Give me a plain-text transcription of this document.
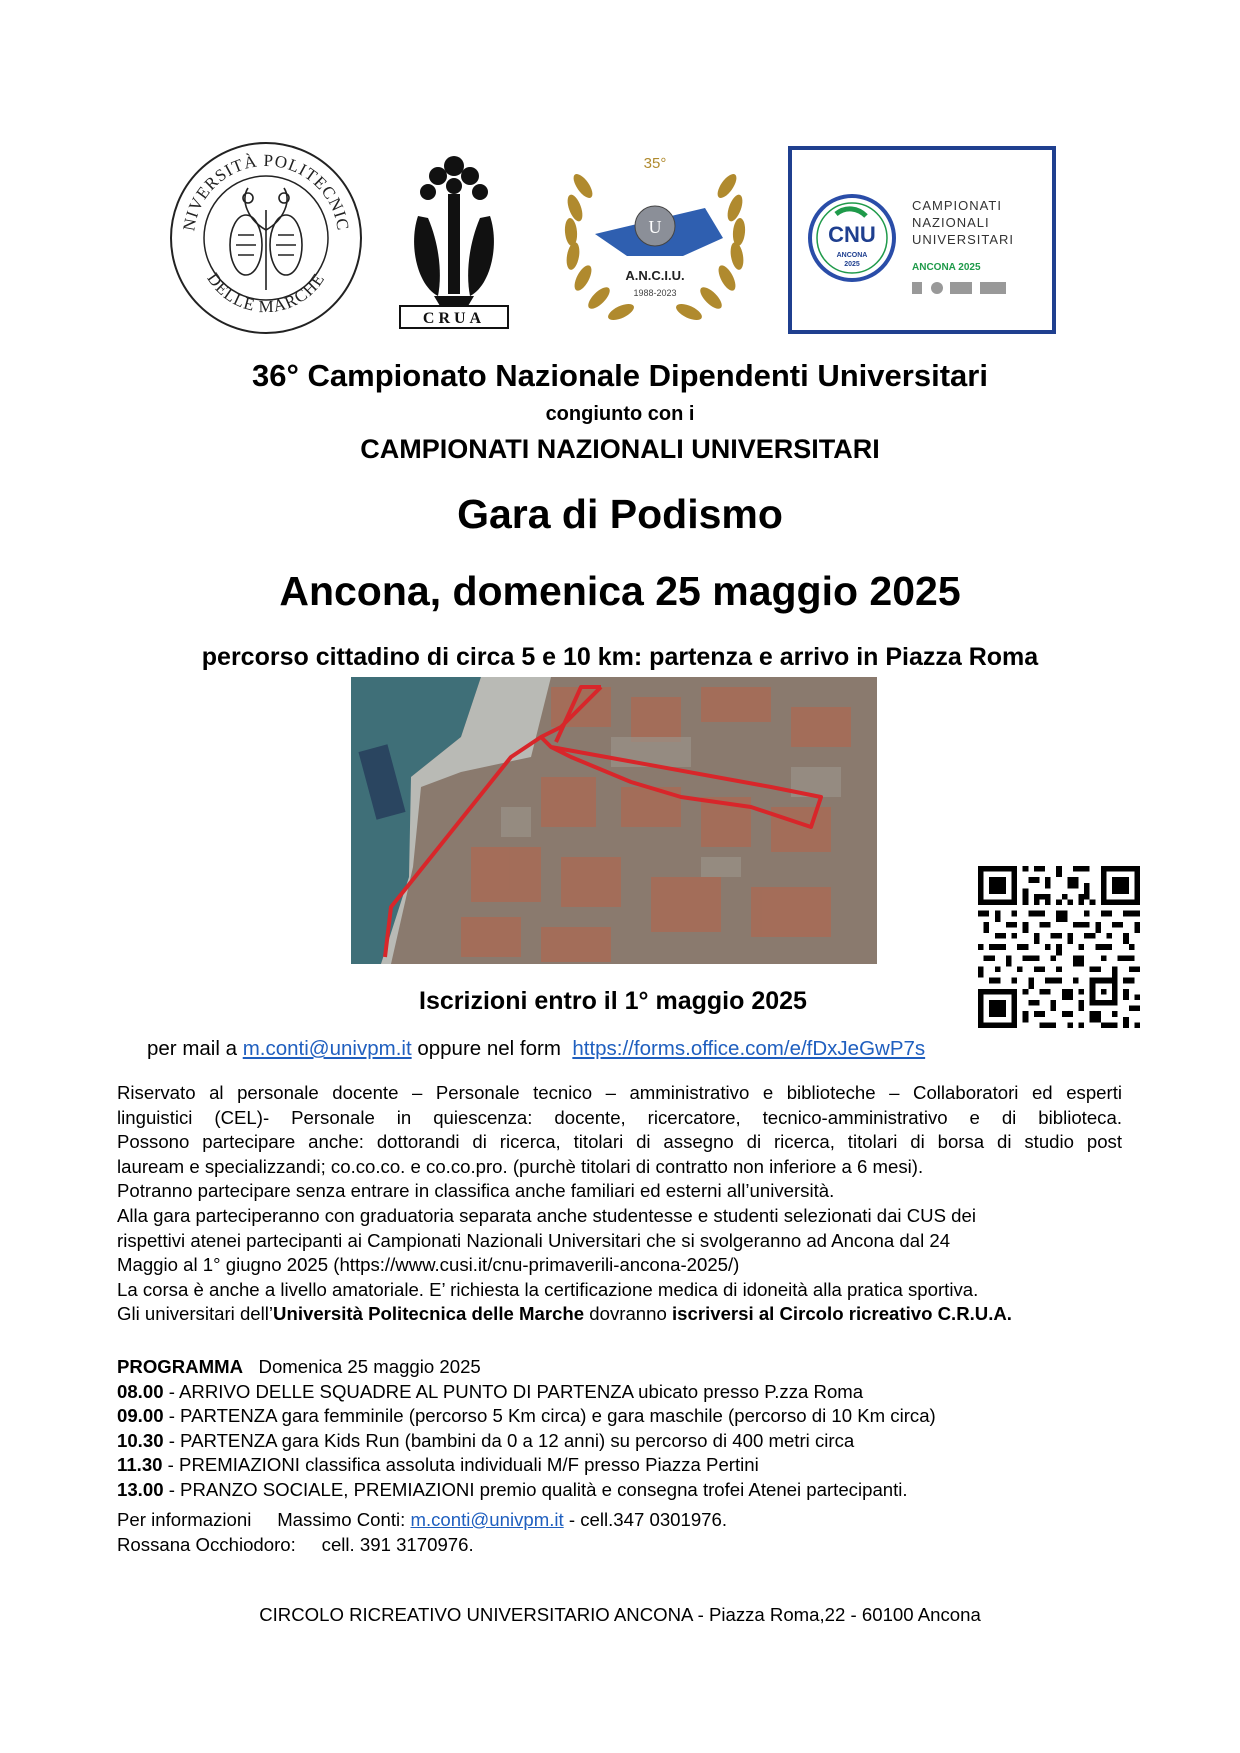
NIVERSITÀ POLITECNIC
DELLE MARCHE
CRUA
35°
U
A.N.C.I.U.
1988-2023
CNU
ANCONA
2025
CAMPIONATI
NAZIONALI
UNIVERSITARI
ANCONA 2025
36° Campionato Nazionale Dipendenti Universitari
congiunto con i
CAMPIONATI NAZIONALI UNIVERSITARI
Gara di Podismo
Ancona, domenica 25 maggio 2025
percorso cittadino di circa 5 e 10 km: partenza e arrivo in Piazza Roma
Iscrizioni entro il 1° maggio 2025
per mail a m.conti@univpm.it oppure nel form https://forms.office.com/e/fDxJeGwP7s

Riservato al personale docente – Personale tecnico – amministrativo e biblioteche – Collaboratori ed esperti

linguistici (CEL)- Personale in quiescenza: docente, ricercatore, tecnico-amministrativo e di biblioteca.

Possono partecipare anche: dottorandi di ricerca, titolari di assegno di ricerca, titolari di borsa di studio post

lauream e specializzandi; co.co.co. e co.co.pro. (purchè titolari di contratto non inferiore a 6 mesi).

Potranno partecipare senza entrare in classifica anche familiari ed esterni all’università.

Alla gara parteciperanno con graduatoria separata anche studentesse e studenti selezionati dai CUS dei

rispettivi atenei partecipanti ai Campionati Nazionali Universitari che si svolgeranno ad Ancona dal 24

Maggio al 1° giugno 2025 (https://www.cusi.it/cnu-primaverili-ancona-2025/)

La corsa è anche a livello amatoriale. E’ richiesta la certificazione medica di idoneità alla pratica sportiva.

Gli universitari dell’Università Politecnica delle Marche dovranno iscriversi al Circolo ricreativo C.R.U.A.

PROGRAMMA Domenica 25 maggio 2025

08.00 - ARRIVO DELLE SQUADRE AL PUNTO DI PARTENZA ubicato presso P.zza Roma

09.00 - PARTENZA gara femminile (percorso 5 Km circa) e gara maschile (percorso di 10 Km circa)

10.30 - PARTENZA gara Kids Run (bambini da 0 a 12 anni) su percorso di 400 metri circa

11.30 - PREMIAZIONI classifica assoluta individuali M/F presso Piazza Pertini

13.00 - PRANZO SOCIALE, PREMIAZIONI premio qualità e consegna trofei Atenei partecipanti.

Per informazioni Massimo Conti: m.conti@univpm.it - cell.347 0301976.

Rossana Occhiodoro: cell. 391 3170976.

CIRCOLO RICREATIVO UNIVERSITARIO ANCONA - Piazza Roma,22 - 60100 Ancona
